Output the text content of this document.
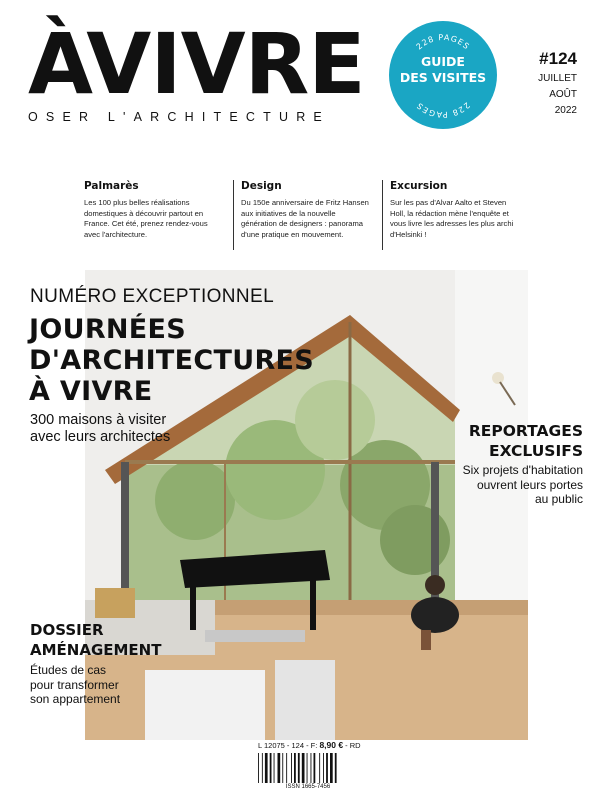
ÀVIVRE
OSER L'ARCHITECTURE
228 PAGES
228 PAGES
GUIDE
DES VISITES
#124
JUILLET
AOÛT
2022
Palmarès
Les 100 plus belles réalisations domestiques à découvrir partout en France. Cet été, prenez rendez-vous avec l'architecture.
Design
Du 150e anniversaire de Fritz Hansen aux initiatives de la nouvelle génération de designers : panorama d'une pratique en mouvement.
Excursion
Sur les pas d'Alvar Aalto et Steven Holl, la rédaction mène l'enquête et vous livre les adresses les plus archi d'Helsinki !
NUMÉRO EXCEPTIONNEL
JOURNÉES
D'ARCHITECTURES
À VIVRE
300 maisons à visiter
avec leurs architectes	REPORTAGES
EXCLUSIFS
Six projets d'habitation
ouvrent leurs portes
au public
DOSSIER
AMÉNAGEMENT
Études de cas
pour transformer
son appartement
L 12075 - 124 - F: 8,90 € - RD
ISSN 1665-7456
